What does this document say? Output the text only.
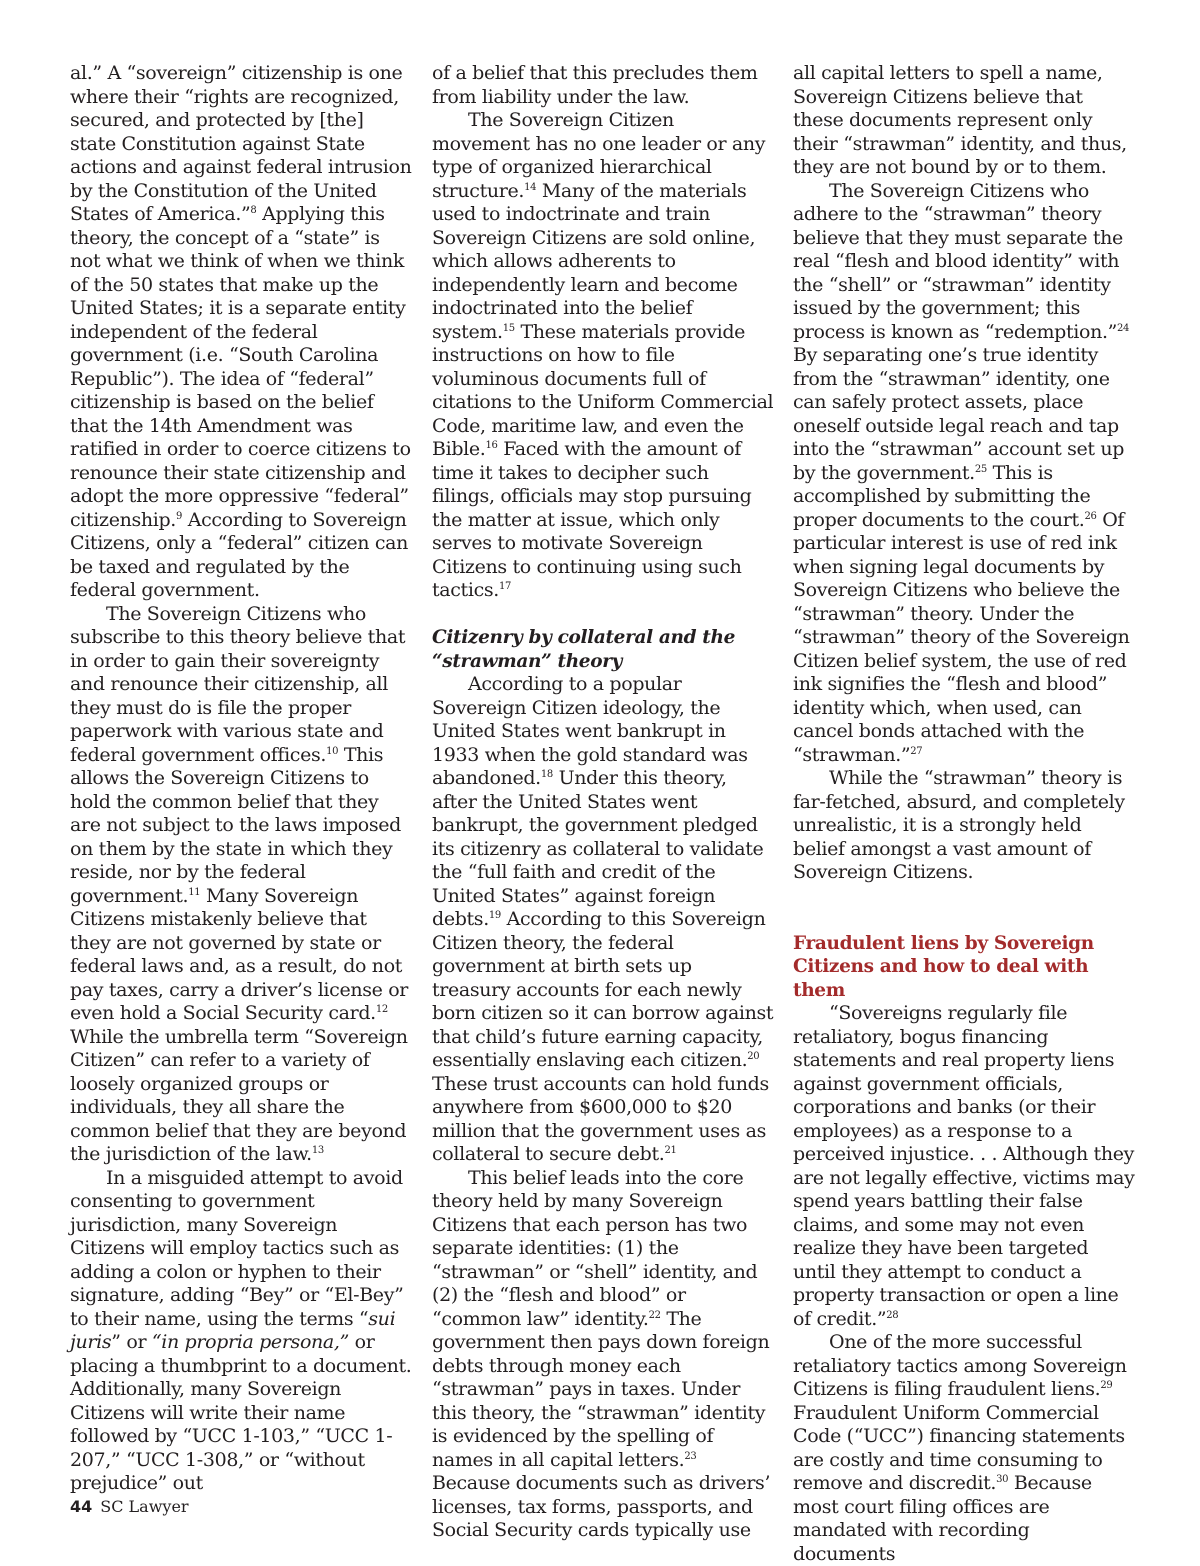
al.” A “sovereign” citizenship is one where their “rights are recognized, secured, and protected by [the] state Constitution against State actions and against federal intrusion by the Constitution of the United States of America.”$^8$ Applying this theory, the concept of a “state” is not what we think of when we think of the 50 states that make up the United States; it is a separate entity independent of the federal government (i.e. “South Carolina Republic”). The idea of “federal” citizenship is based on the belief that the 14th Amendment was ratified in order to coerce citizens to renounce their state citizenship and adopt the more oppressive “federal” citizenship.$^9$ According to Sovereign Citizens, only a “federal” citizen can be taxed and regulated by the federal government.

The Sovereign Citizens who subscribe to this theory believe that in order to gain their sovereignty and renounce their citizenship, all they must do is file the proper paperwork with various state and federal government offices.$^{10}$ This allows the Sovereign Citizens to hold the common belief that they are not subject to the laws imposed on them by the state in which they reside, nor by the federal government.$^{11}$ Many Sovereign Citizens mistakenly believe that they are not governed by state or federal laws and, as a result, do not pay taxes, carry a driver’s license or even hold a Social Security card.$^{12}$ While the umbrella term “Sovereign Citizen” can refer to a variety of loosely organized groups or individuals, they all share the common belief that they are beyond the jurisdiction of the law.$^{13}$

In a misguided attempt to avoid consenting to government jurisdiction, many Sovereign Citizens will employ tactics such as adding a colon or hyphen to their signature, adding “Bey” or “El-Bey” to their name, using the terms “sui juris” or “in propria persona,” or placing a thumbprint to a document. Additionally, many Sovereign Citizens will write their name followed by “UCC 1-103,” “UCC 1-207,” “UCC 1-308,” or “without prejudice” out

of a belief that this precludes them from liability under the law.

The Sovereign Citizen movement has no one leader or any type of organized hierarchical structure.$^{14}$ Many of the materials used to indoctrinate and train Sovereign Citizens are sold online, which allows adherents to independently learn and become indoctrinated into the belief system.$^{15}$ These materials provide instructions on how to file voluminous documents full of citations to the Uniform Commercial Code, maritime law, and even the Bible.$^{16}$ Faced with the amount of time it takes to decipher such filings, officials may stop pursuing the matter at issue, which only serves to motivate Sovereign Citizens to continuing using such tactics.$^{17}$

Citizenry by collateral and the “strawman” theory

According to a popular Sovereign Citizen ideology, the United States went bankrupt in 1933 when the gold standard was abandoned.$^{18}$ Under this theory, after the United States went bankrupt, the government pledged its citizenry as collateral to validate the “full faith and credit of the United States” against foreign debts.$^{19}$ According to this Sovereign Citizen theory, the federal government at birth sets up treasury accounts for each newly born citizen so it can borrow against that child’s future earning capacity, essentially enslaving each citizen.$^{20}$ These trust accounts can hold funds anywhere from $600,000 to $20 million that the government uses as collateral to secure debt.$^{21}$

This belief leads into the core theory held by many Sovereign Citizens that each person has two separate identities: (1) the “strawman” or “shell” identity, and (2) the “flesh and blood” or “common law” identity.$^{22}$ The government then pays down foreign debts through money each “strawman” pays in taxes. Under this theory, the “strawman” identity is evidenced by the spelling of names in all capital letters.$^{23}$ Because documents such as drivers’ licenses, tax forms, passports, and Social Security cards typically use

all capital letters to spell a name, Sovereign Citizens believe that these documents represent only their “strawman” identity, and thus, they are not bound by or to them.

The Sovereign Citizens who adhere to the “strawman” theory believe that they must separate the real “flesh and blood identity” with the “shell” or “strawman” identity issued by the government; this process is known as “redemption.”$^{24}$ By separating one’s true identity from the “strawman” identity, one can safely protect assets, place oneself outside legal reach and tap into the “strawman” account set up by the government.$^{25}$ This is accomplished by submitting the proper documents to the court.$^{26}$ Of particular interest is use of red ink when signing legal documents by Sovereign Citizens who believe the “strawman” theory. Under the “strawman” theory of the Sovereign Citizen belief system, the use of red ink signifies the “flesh and blood” identity which, when used, can cancel bonds attached with the “strawman.”$^{27}$

While the “strawman” theory is far-fetched, absurd, and completely unrealistic, it is a strongly held belief amongst a vast amount of Sovereign Citizens.

Fraudulent liens by Sovereign Citizens and how to deal with them

“Sovereigns regularly file retaliatory, bogus financing statements and real property liens against government officials, corporations and banks (or their employees) as a response to a perceived injustice. . . Although they are not legally effective, victims may spend years battling their false claims, and some may not even realize they have been targeted until they attempt to conduct a property transaction or open a line of credit.”$^{28}$

One of the more successful retaliatory tactics among Sovereign Citizens is filing fraudulent liens.$^{29}$ Fraudulent Uniform Commercial Code (“UCC”) financing statements are costly and time consuming to remove and discredit.$^{30}$ Because most court filing offices are mandated with recording documents

44 SC Lawyer
